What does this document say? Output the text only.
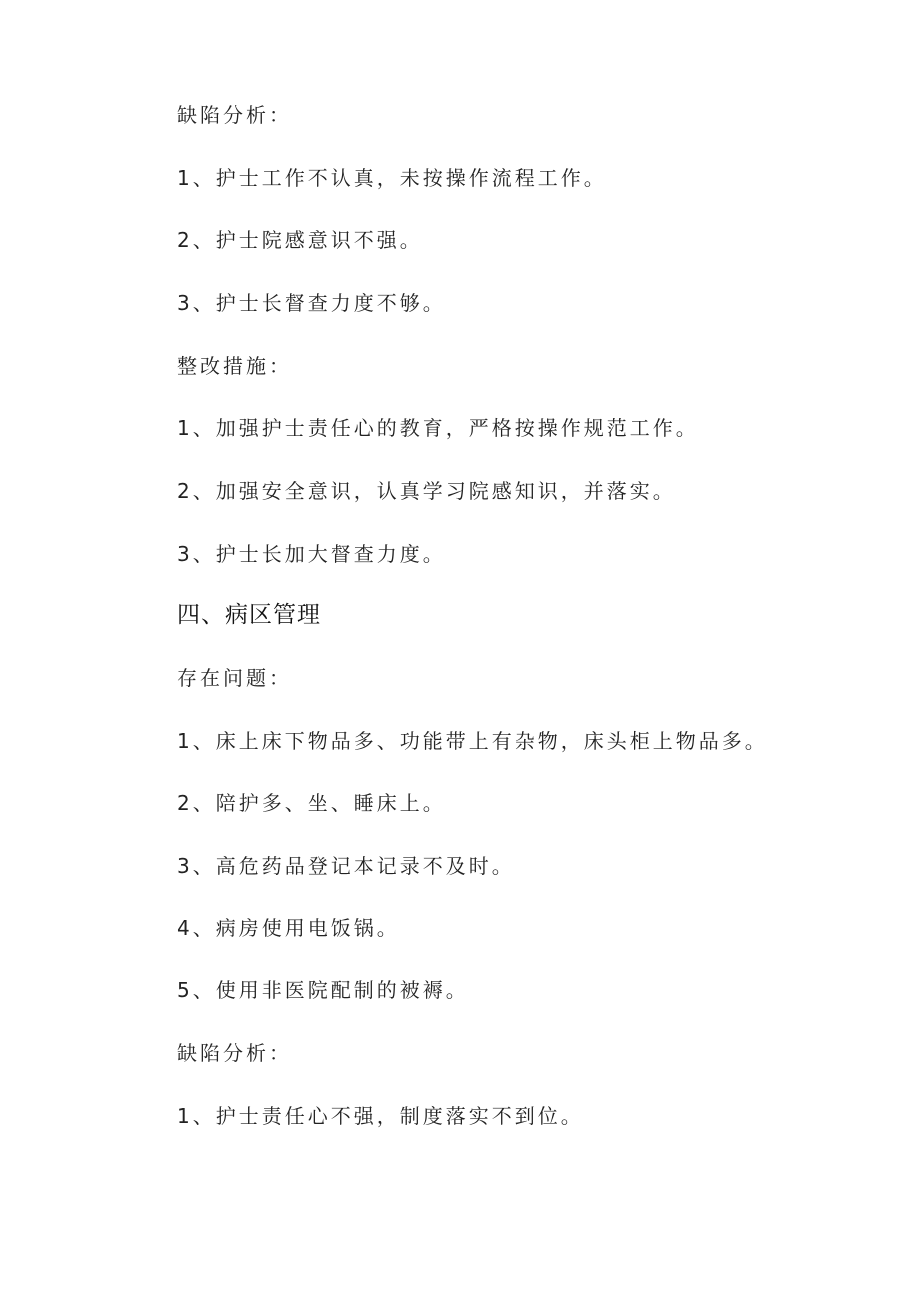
缺陷分析：
1、护士工作不认真，未按操作流程工作。
2、护士院感意识不强。
3、护士长督查力度不够。
整改措施：
1、加强护士责任心的教育，严格按操作规范工作。
2、加强安全意识，认真学习院感知识，并落实。
3、护士长加大督查力度。
四、病区管理
存在问题：
1、床上床下物品多、功能带上有杂物，床头柜上物品多。
2、陪护多、坐、睡床上。
3、高危药品登记本记录不及时。
4、病房使用电饭锅。
5、使用非医院配制的被褥。
缺陷分析：
1、护士责任心不强，制度落实不到位。
